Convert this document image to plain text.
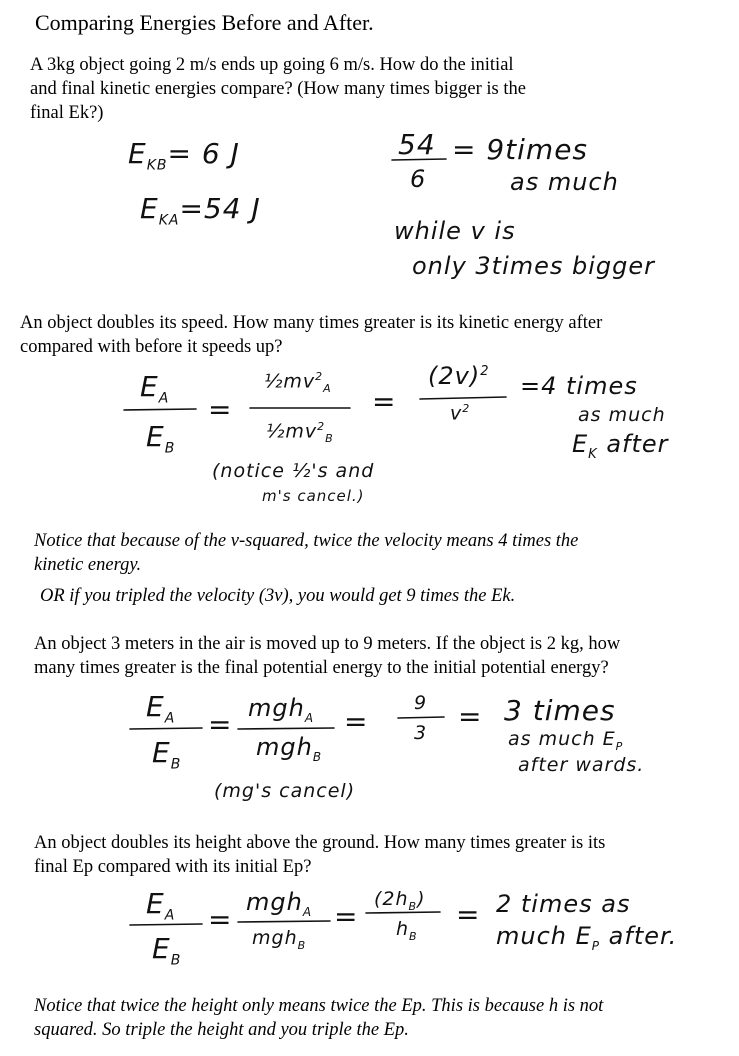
Comparing Energies Before and After.
A 3kg object going 2 m/s ends up going 6 m/s. How do the initial
and final kinetic energies compare? (How many times bigger is the
final Ek?)
$E_{KB}= 6$ J
$E_{KA}=54$ J
54
6
= 9times
as much
while v is
only 3times bigger
An object doubles its speed. How many times greater is its kinetic energy after
compared with before it speeds up?
$E_A$
$E_B$
=
$\frac{1}{2}mv^2_A$
$\frac{1}{2}mv^2_B$
=
$(2v)^2$
$v^2$
=4 times
as much
$E_K$ after
(notice ½'s and
m's cancel.)
Notice that because of the v-squared, twice the velocity means 4 times the
kinetic energy.
OR if you tripled the velocity (3v), you would get 9 times the Ek.
An object 3 meters in the air is moved up to 9 meters. If the object is 2 kg, how
many times greater is the final potential energy to the initial potential energy?
$E_A$
$E_B$
= mgh$_A$
mgh$_B$
=
9
3 = 3 times
as much $E_P$
after wards.
(mg's cancel)
An object doubles its height above the ground. How many times greater is its
final Ep compared with its initial Ep?
$E_A$
$E_B$
=
mgh$_A$
mgh$_B$
=
$(2h_B)$
$h_B$
= 2 times as
much $E_P$ after.
Notice that twice the height only means twice the Ep. This is because h is not
squared. So triple the height and you triple the Ep.
